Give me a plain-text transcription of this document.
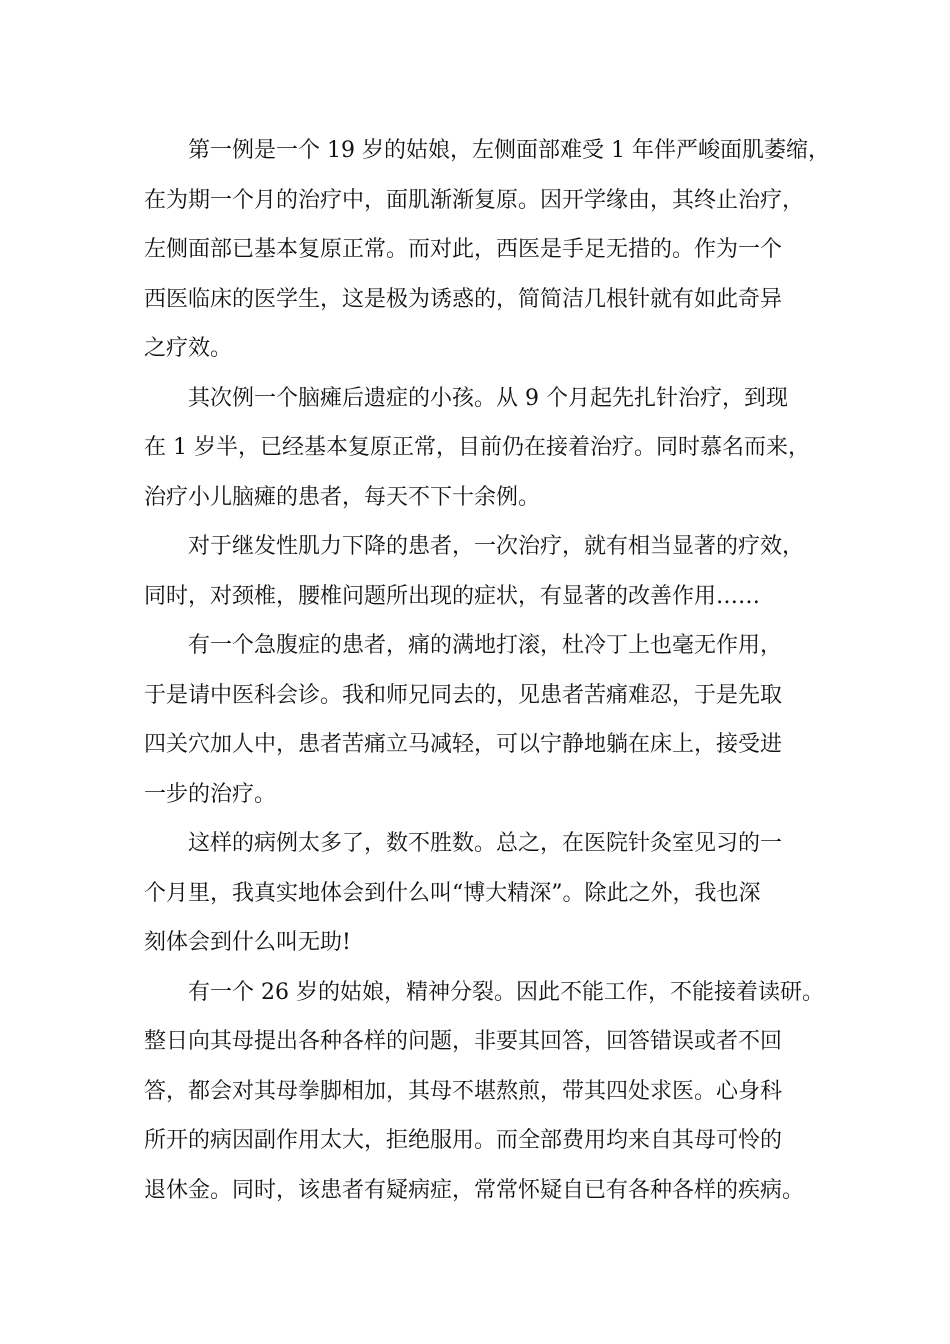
第一例是一个 19 岁的姑娘，左侧面部难受 1 年伴严峻面肌萎缩，
在为期一个月的治疗中，面肌渐渐复原。因开学缘由，其终止治疗，
左侧面部已基本复原正常。而对此，西医是手足无措的。作为一个
西医临床的医学生，这是极为诱惑的，简简洁几根针就有如此奇异
之疗效。
其次例一个脑瘫后遗症的小孩。从 9 个月起先扎针治疗，到现
在 1 岁半，已经基本复原正常，目前仍在接着治疗。同时慕名而来，
治疗小儿脑瘫的患者，每天不下十余例。
对于继发性肌力下降的患者，一次治疗，就有相当显著的疗效，
同时，对颈椎，腰椎问题所出现的症状，有显著的改善作用……
有一个急腹症的患者，痛的满地打滚，杜冷丁上也毫无作用，
于是请中医科会诊。我和师兄同去的，见患者苦痛难忍，于是先取
四关穴加人中，患者苦痛立马减轻，可以宁静地躺在床上，接受进
一步的治疗。
这样的病例太多了，数不胜数。总之，在医院针灸室见习的一
个月里，我真实地体会到什么叫“博大精深”。除此之外，我也深
刻体会到什么叫无助!
有一个 26 岁的姑娘，精神分裂。因此不能工作，不能接着读研。
整日向其母提出各种各样的问题，非要其回答，回答错误或者不回
答，都会对其母拳脚相加，其母不堪熬煎，带其四处求医。心身科
所开的病因副作用太大，拒绝服用。而全部费用均来自其母可怜的
退休金。同时，该患者有疑病症，常常怀疑自已有各种各样的疾病。
